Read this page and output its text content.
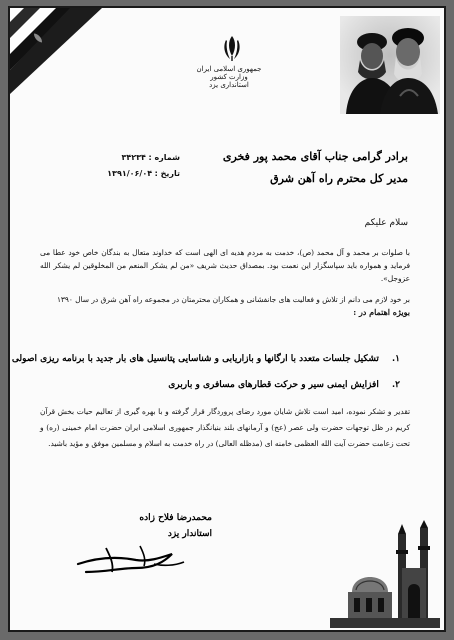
جمهوری اسلامی ایران
وزارت کشور
استانداری یزد
شماره : ۳۴۲۳۴
تاریخ : ۱۳۹۱/۰۶/۰۴
برادر گرامی جناب آقای محمد پور فخری
مدیر کل محترم راه آهن شرق
سلام علیکم

با صلوات بر محمد و آل محمد (ص)، خدمت به مردم هدیه ای الهی است که خداوند متعال به بندگان خاص خود عطا می فرماید و همواره باید سپاسگزار این نعمت بود. بمصداق حدیث شریف «من لم یشکر المنعم من المخلوقین لم یشکر الله عزوجل».

بر خود لازم می دانم از تلاش و فعالیت های جانفشانی و همکاران محترمتان در مجموعه راه آهن شرق در سال ۱۳۹۰

بویژه اهتمام در :

۱. تشکیل جلسات متعدد با ارگانها و بازاریابی و شناسایی پتانسیل های بار جدید با برنامه ریزی اصولی
۲. افزایش ایمنی سیر و حرکت قطارهای مسافری و باربری
تقدیر و تشکر نموده، امید است تلاش شایان مورد رضای پروردگار قرار گرفته و با بهره گیری از تعالیم حیات بخش قرآن کریم در ظل توجهات حضرت ولی عصر (عج) و آرمانهای بلند بنیانگذار جمهوری اسلامی ایران حضرت امام خمینی (ره) و تحت زعامت حضرت آیت الله العظمی خامنه ای (مدظله العالی) در راه خدمت به اسلام و مسلمین موفق و مؤید باشید.
محمدرضا فلاح زاده
استاندار یزد
